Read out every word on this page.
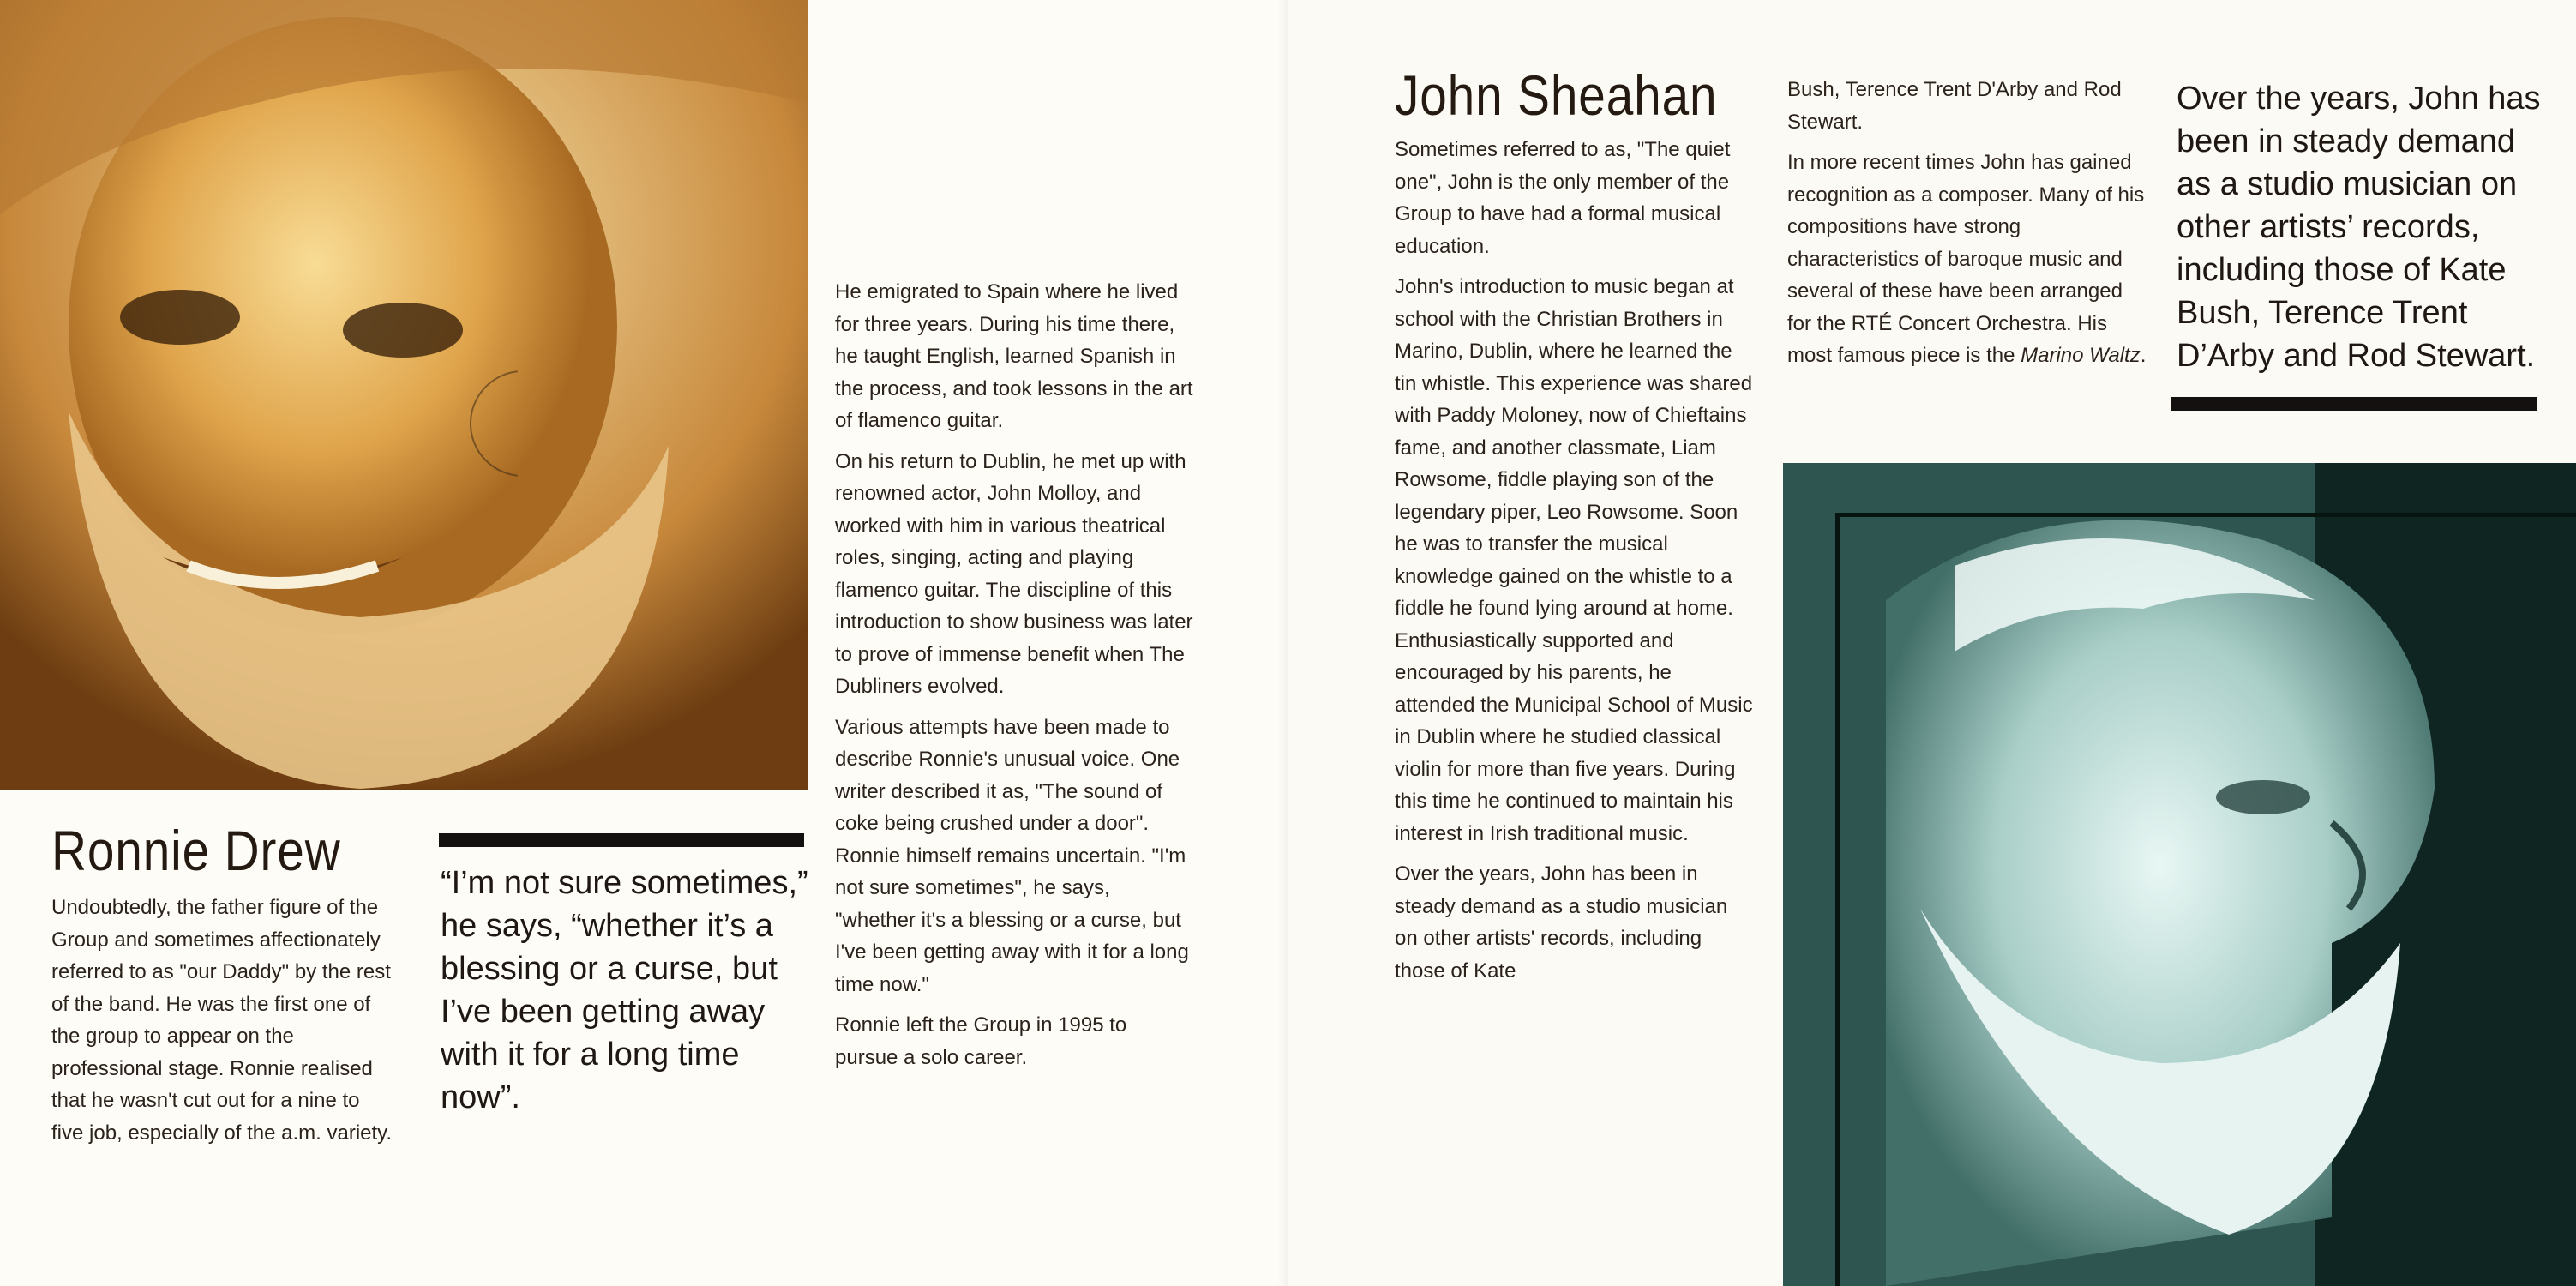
Ronnie Drew

Undoubtedly, the father figure of the Group and sometimes affectionately referred to as "our Daddy" by the rest of the band. He was the first one of the group to appear on the professional stage. Ronnie realised that he wasn't cut out for a nine to five job, especially of the a.m. variety.

“I’m not sure sometimes,” he says, “whether it’s a blessing or a curse, but I’ve been getting away with it for a long time now”.

He emigrated to Spain where he lived for three years. During his time there, he taught English, learned Spanish in the process, and took lessons in the art of flamenco guitar.

On his return to Dublin, he met up with renowned actor, John Molloy, and worked with him in various theatrical roles, singing, acting and playing flamenco guitar. The discipline of this introduction to show business was later to prove of immense benefit when The Dubliners evolved.

Various attempts have been made to describe Ronnie's unusual voice. One writer described it as, "The sound of coke being crushed under a door". Ronnie himself remains uncertain. "I'm not sure sometimes", he says, "whether it's a blessing or a curse, but I've been getting away with it for a long time now."

Ronnie left the Group in 1995 to pursue a solo career.

John Sheahan

Sometimes referred to as, "The quiet one", John is the only member of the Group to have had a formal musical education.

John's introduction to music began at school with the Christian Brothers in Marino, Dublin, where he learned the tin whistle. This experience was shared with Paddy Moloney, now of Chieftains fame, and another classmate, Liam Rowsome, fiddle playing son of the legendary piper, Leo Rowsome. Soon he was to transfer the musical knowledge gained on the whistle to a fiddle he found lying around at home. Enthusiastically supported and encouraged by his parents, he attended the Municipal School of Music in Dublin where he studied classical violin for more than five years. During this time he continued to maintain his interest in Irish traditional music.

Over the years, John has been in steady demand as a studio musician on other artists' records, including those of Kate

Bush, Terence Trent D'Arby and Rod Stewart.

In more recent times John has gained recognition as a composer. Many of his compositions have strong characteristics of baroque music and several of these have been arranged for the RTÉ Concert Orchestra. His most famous piece is the Marino Waltz.

Over the years, John has been in steady demand as a studio musician on other artists’ records, including those of Kate Bush, Terence Trent D’Arby and Rod Stewart.
